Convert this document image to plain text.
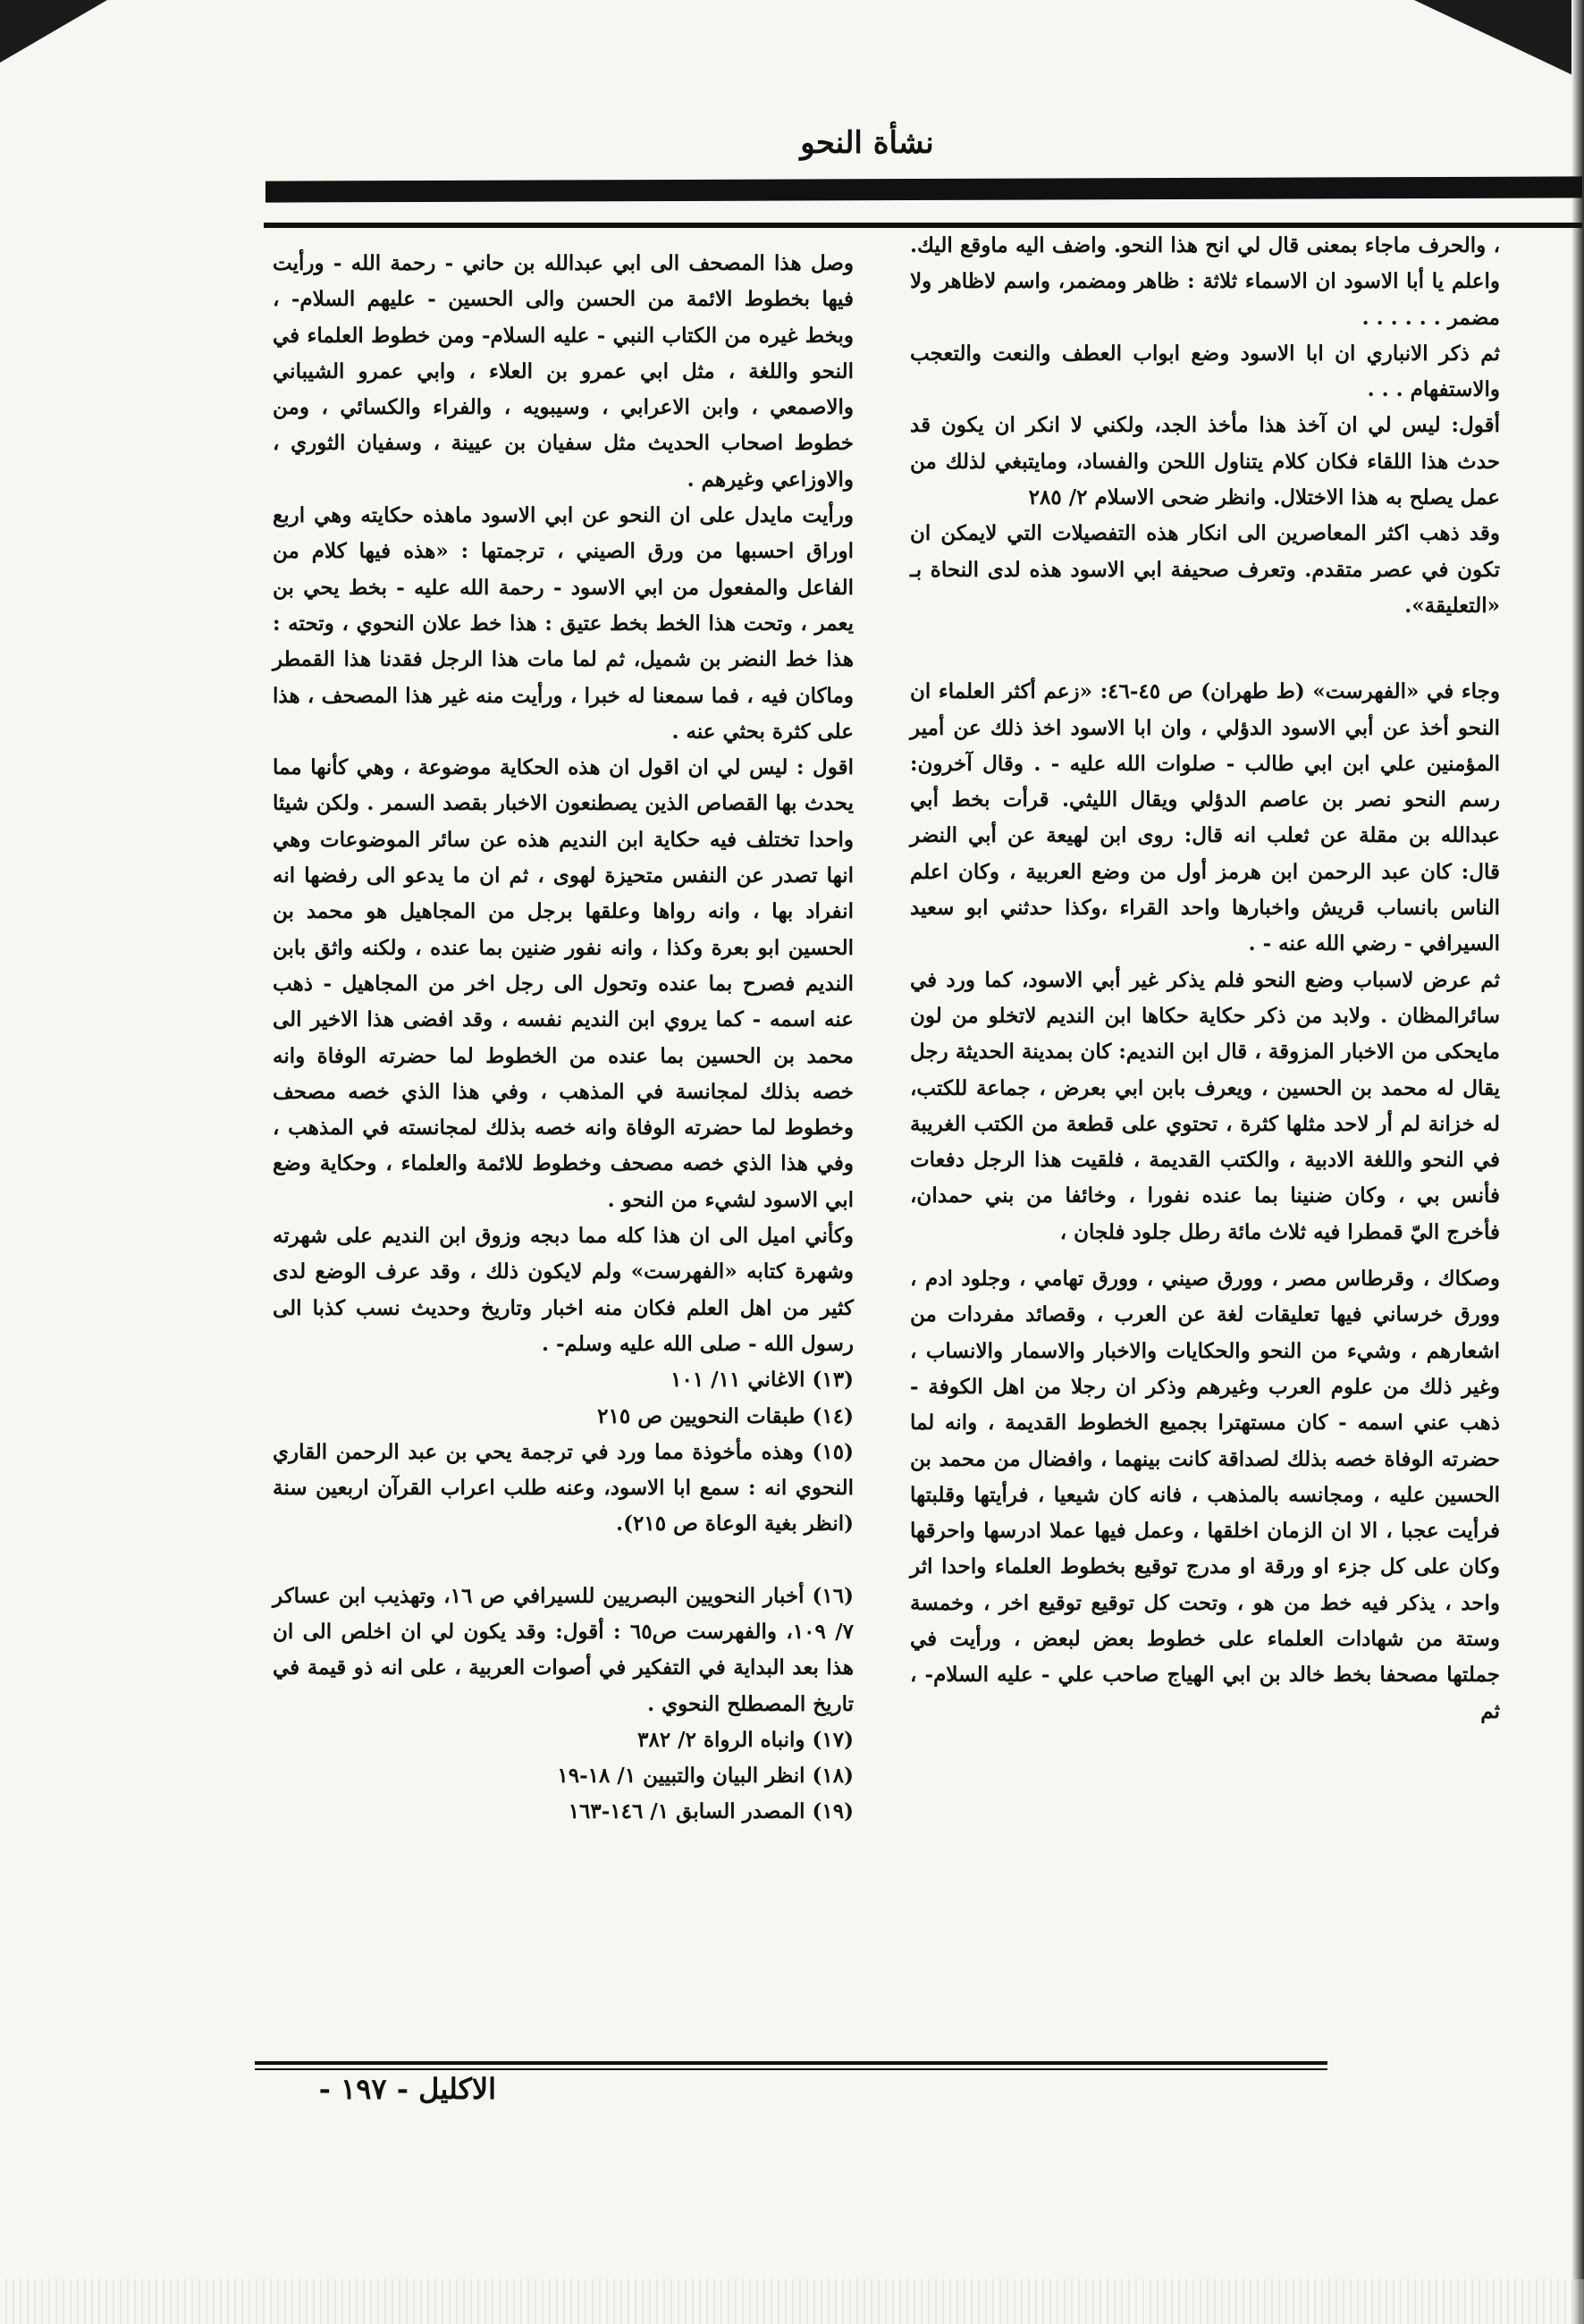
نشأة النحو

، والحرف ماجاء بمعنى قال لي انح هذا النحو. واضف اليه ماوقع اليك. واعلم يا أبا الاسود ان الاسماء ثلاثة : ظاهر ومضمر، واسم لاظاهر ولا مضمر . . . . . .

ثم ذكر الانباري ان ابا الاسود وضع ابواب العطف والنعت والتعجب والاستفهام . . .

أقول: ليس لي ان آخذ هذا مأخذ الجد، ولكني لا انكر ان يكون قد حدث هذا اللقاء فكان كلام يتناول اللحن والفساد، ومايتبغي لذلك من عمل يصلح به هذا الاختلال. وانظر ضحى الاسلام ٢/ ٢٨٥

وقد ذهب اكثر المعاصرين الى انكار هذه التفصيلات التي لايمكن ان تكون في عصر متقدم. وتعرف صحيفة ابي الاسود هذه لدى النحاة بـ «التعليقة».

وجاء في «الفهرست» (ط طهران) ص ٤٥-٤٦: «زعم أكثر العلماء ان النحو أخذ عن أبي الاسود الدؤلي ، وان ابا الاسود اخذ ذلك عن أمير المؤمنين علي ابن ابي طالب - صلوات الله عليه - . وقال آخرون: رسم النحو نصر بن عاصم الدؤلي ويقال الليثي. قرأت بخط أبي عبدالله بن مقلة عن ثعلب انه قال: روى ابن لهيعة عن أبي النضر قال: كان عبد الرحمن ابن هرمز أول من وضع العربية ، وكان اعلم الناس بانساب قريش واخبارها واحد القراء ،وكذا حدثني ابو سعيد السيرافي - رضي الله عنه - .

ثم عرض لاسباب وضع النحو فلم يذكر غير أبي الاسود، كما ورد في سائرالمظان . ولابد من ذكر حكاية حكاها ابن النديم لاتخلو من لون مايحكى من الاخبار المزوقة ، قال ابن النديم: كان بمدينة الحديثة رجل يقال له محمد بن الحسين ، ويعرف بابن ابي بعرض ، جماعة للكتب، له خزانة لم أر لاحد مثلها كثرة ، تحتوي على قطعة من الكتب الغريبة في النحو واللغة الادبية ، والكتب القديمة ، فلقيت هذا الرجل دفعات فأنس بي ، وكان ضنينا بما عنده نفورا ، وخائفا من بني حمدان، فأخرج اليّ قمطرا فيه ثلاث مائة رطل جلود فلجان ،

وصكاك ، وقرطاس مصر ، وورق صيني ، وورق تهامي ، وجلود ادم ، وورق خرساني فيها تعليقات لغة عن العرب ، وقصائد مفردات من اشعارهم ، وشيء من النحو والحكايات والاخبار والاسمار والانساب ، وغير ذلك من علوم العرب وغيرهم وذكر ان رجلا من اهل الكوفة - ذهب عني اسمه - كان مستهترا بجميع الخطوط القديمة ، وانه لما حضرته الوفاة خصه بذلك لصداقة كانت بينهما ، وافضال من محمد بن الحسين عليه ، ومجانسه بالمذهب ، فانه كان شيعيا ، فرأيتها وقلبتها فرأيت عجبا ، الا ان الزمان اخلقها ، وعمل فيها عملا ادرسها واحرقها وكان على كل جزء او ورقة او مدرج توقيع بخطوط العلماء واحدا اثر واحد ، يذكر فيه خط من هو ، وتحت كل توقيع توقيع اخر ، وخمسة وستة من شهادات العلماء على خطوط بعض لبعض ، ورأيت في جملتها مصحفا بخط خالد بن ابي الهياج صاحب علي - عليه السلام- ، ثم

وصل هذا المصحف الى ابي عبدالله بن حاني - رحمة الله - ورأيت فيها بخطوط الائمة من الحسن والى الحسين - عليهم السلام- ، وبخط غيره من الكتاب النبي - عليه السلام- ومن خطوط العلماء في النحو واللغة ، مثل ابي عمرو بن العلاء ، وابي عمرو الشيباني والاصمعي ، وابن الاعرابي ، وسيبويه ، والفراء والكسائي ، ومن خطوط اصحاب الحديث مثل سفيان بن عيينة ، وسفيان الثوري ، والاوزاعي وغيرهم .

ورأيت مايدل على ان النحو عن ابي الاسود ماهذه حكايته وهي اربع اوراق احسبها من ورق الصيني ، ترجمتها : «هذه فيها كلام من الفاعل والمفعول من ابي الاسود - رحمة الله عليه - بخط يحي بن يعمر ، وتحت هذا الخط بخط عتيق : هذا خط علان النحوي ، وتحته : هذا خط النضر بن شميل، ثم لما مات هذا الرجل فقدنا هذا القمطر وماكان فيه ، فما سمعنا له خبرا ، ورأيت منه غير هذا المصحف ، هذا على كثرة بحثي عنه .

اقول : ليس لي ان اقول ان هذه الحكاية موضوعة ، وهي كأنها مما يحدث بها القصاص الذين يصطنعون الاخبار بقصد السمر . ولكن شيئا واحدا تختلف فيه حكاية ابن النديم هذه عن سائر الموضوعات وهي انها تصدر عن النفس متحيزة لهوى ، ثم ان ما يدعو الى رفضها انه انفراد بها ، وانه رواها وعلقها برجل من المجاهيل هو محمد بن الحسين ابو بعرة وكذا ، وانه نفور ضنين بما عنده ، ولكنه واثق بابن النديم فصرح بما عنده وتحول الى رجل اخر من المجاهيل - ذهب عنه اسمه - كما يروي ابن النديم نفسه ، وقد افضى هذا الاخير الى محمد بن الحسين بما عنده من الخطوط لما حضرته الوفاة وانه خصه بذلك لمجانسة في المذهب ، وفي هذا الذي خصه مصحف وخطوط لما حضرته الوفاة وانه خصه بذلك لمجانسته في المذهب ، وفي هذا الذي خصه مصحف وخطوط للائمة والعلماء ، وحكاية وضع ابي الاسود لشيء من النحو .

وكأني اميل الى ان هذا كله مما دبجه وزوق ابن النديم على شهرته وشهرة كتابه «الفهرست» ولم لايكون ذلك ، وقد عرف الوضع لدى كثير من اهل العلم فكان منه اخبار وتاريخ وحديث نسب كذبا الى رسول الله - صلى الله عليه وسلم- .

(١٣) الاغاني ١١/ ١٠١

(١٤) طبقات النحويين ص ٢١٥

(١٥) وهذه مأخوذة مما ورد في ترجمة يحي بن عبد الرحمن القاري النحوي انه : سمع ابا الاسود، وعنه طلب اعراب القرآن اربعين سنة (انظر بغية الوعاة ص ٢١٥).

(١٦) أخبار النحويين البصريين للسيرافي ص ١٦، وتهذيب ابن عساكر ٧/ ١٠٩، والفهرست ص٦٥ : أقول: وقد يكون لي ان اخلص الى ان هذا بعد البداية في التفكير في أصوات العربية ، على انه ذو قيمة في تاريخ المصطلح النحوي .

(١٧) وانباه الرواة ٢/ ٣٨٢

(١٨) انظر البيان والتبيين ١/ ١٨-١٩

(١٩) المصدر السابق ١/ ١٤٦-١٦٣

الاكليل - ١٩٧ -
